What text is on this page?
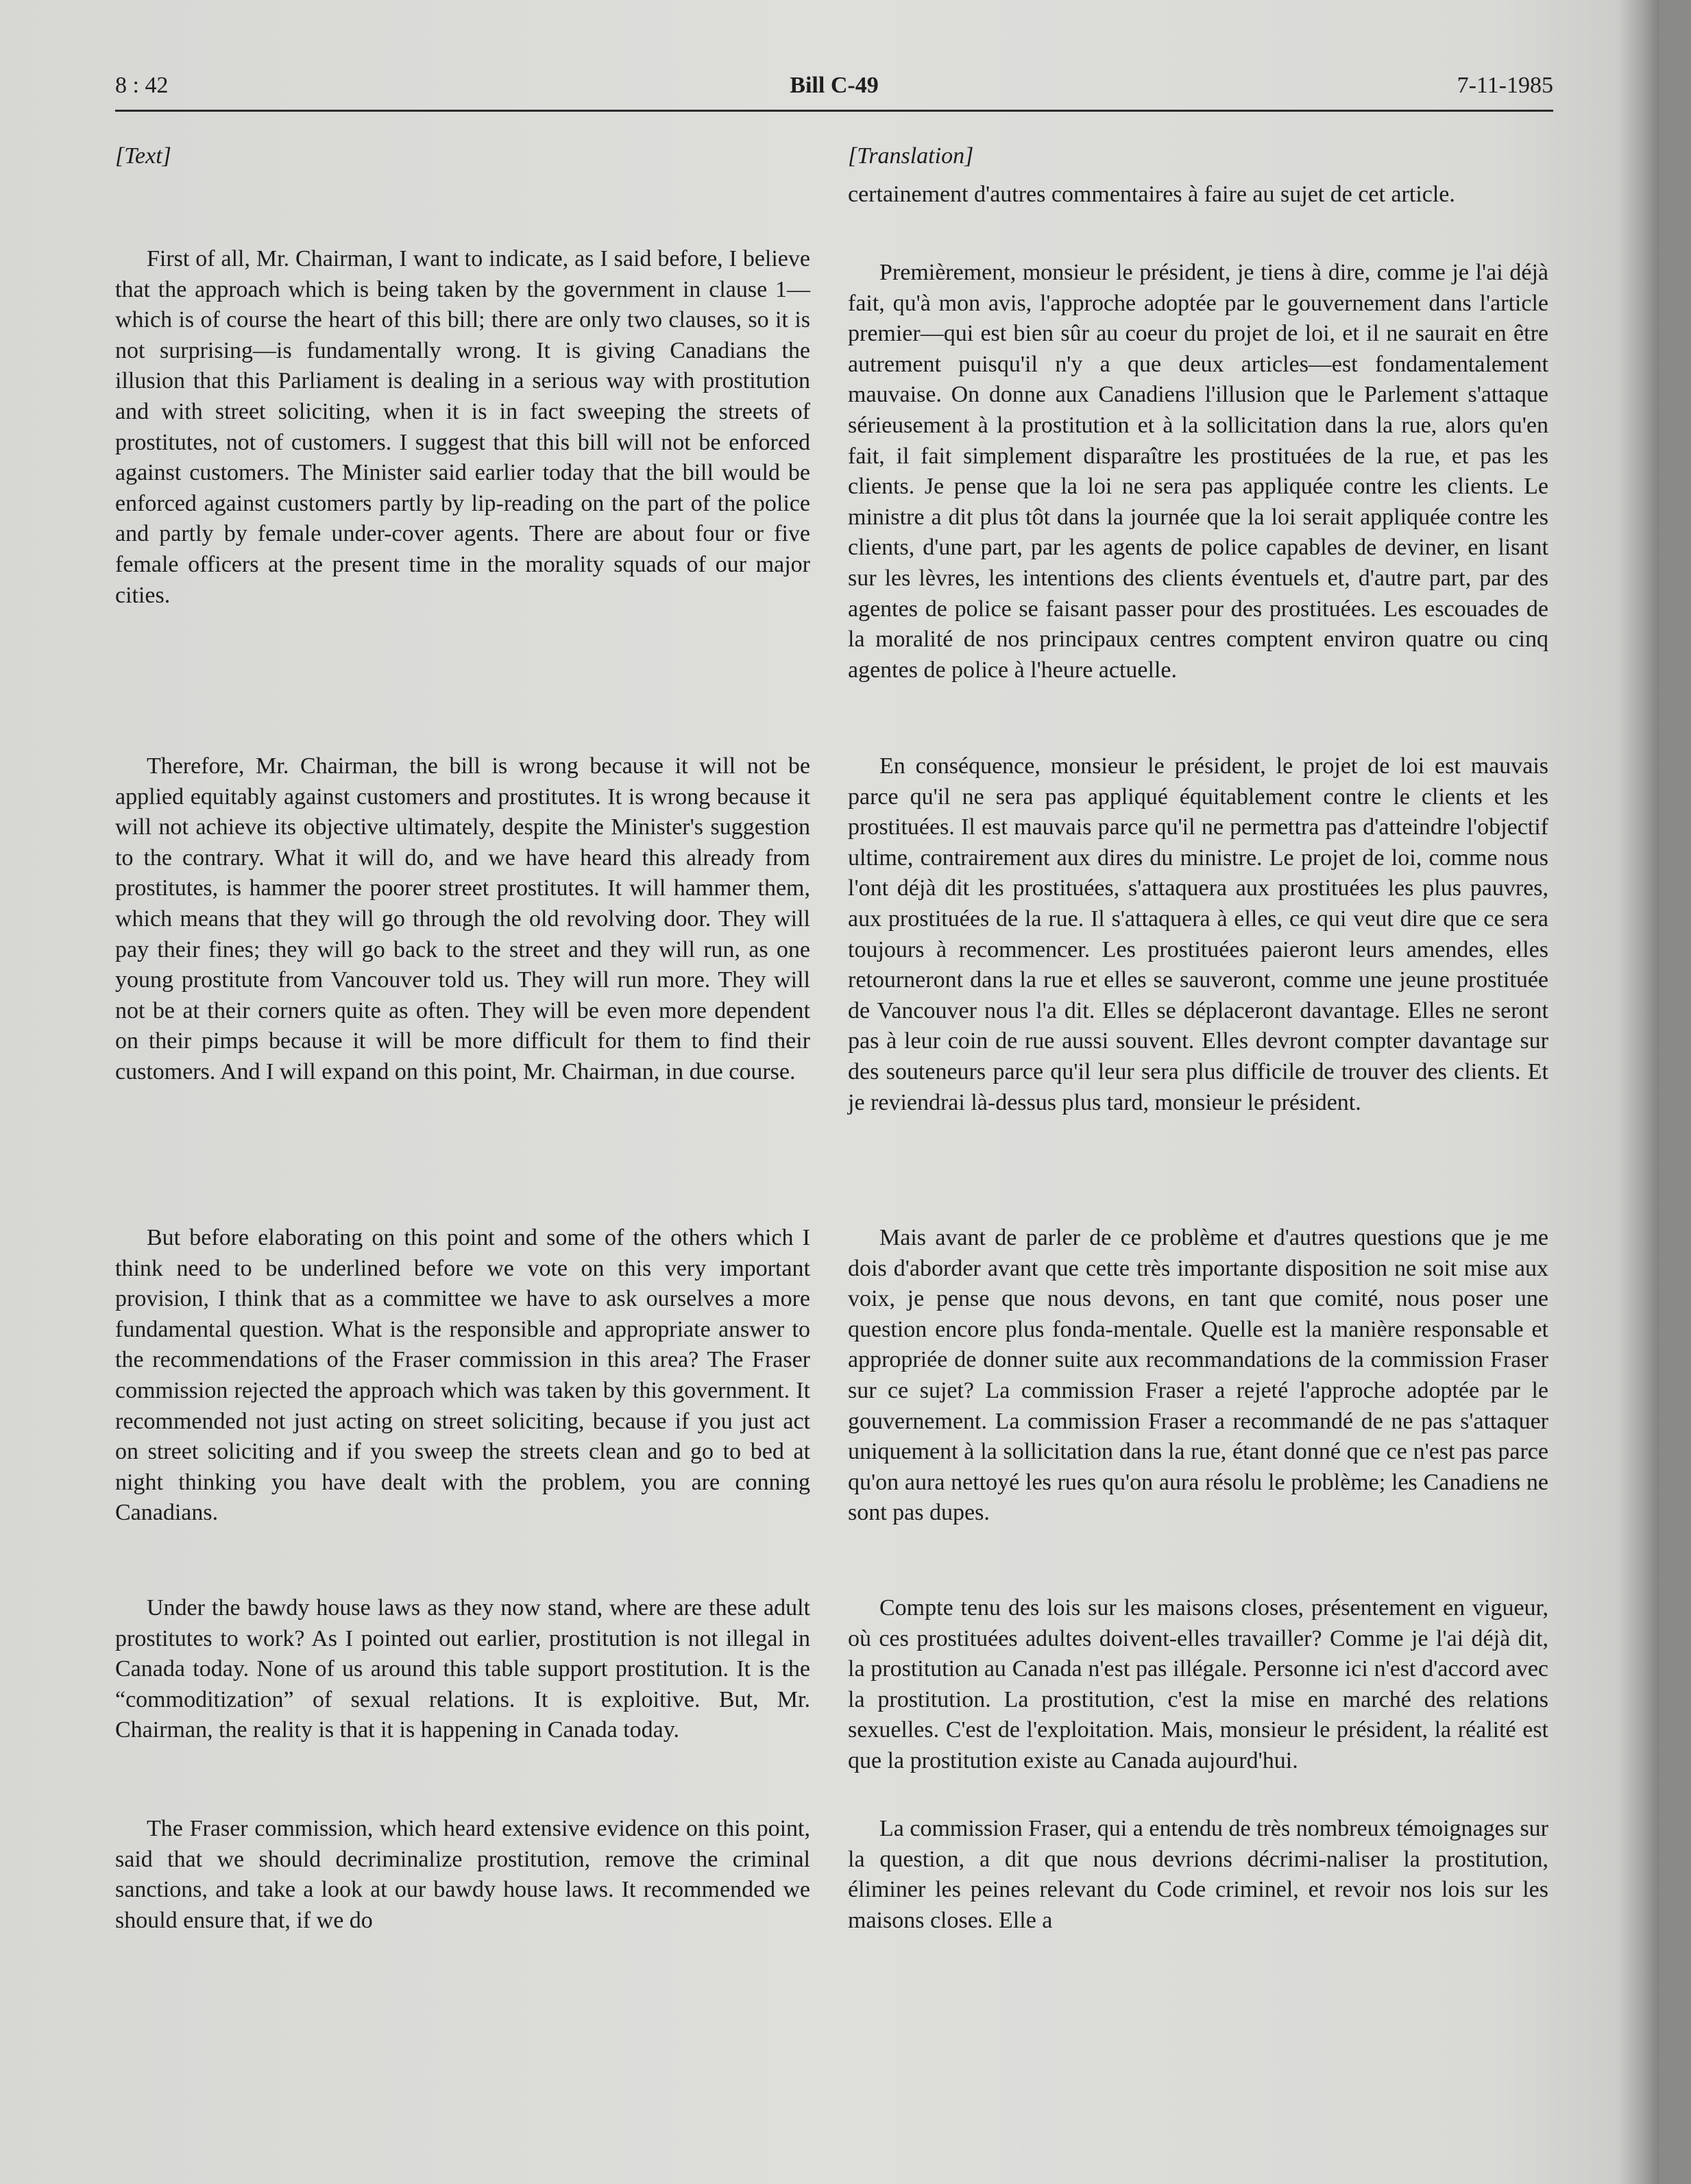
8 : 42	Bill C-49	7-11-1985
[Text]

First of all, Mr. Chairman, I want to indicate, as I said before, I believe that the approach which is being taken by the government in clause 1—which is of course the heart of this bill; there are only two clauses, so it is not surprising—is fundamentally wrong. It is giving Canadians the illusion that this Parliament is dealing in a serious way with prostitution and with street soliciting, when it is in fact sweeping the streets of prostitutes, not of customers. I suggest that this bill will not be enforced against customers. The Minister said earlier today that the bill would be enforced against customers partly by lip-reading on the part of the police and partly by female under-cover agents. There are about four or five female officers at the present time in the morality squads of our major cities.

Therefore, Mr. Chairman, the bill is wrong because it will not be applied equitably against customers and prostitutes. It is wrong because it will not achieve its objective ultimately, despite the Minister's suggestion to the contrary. What it will do, and we have heard this already from prostitutes, is hammer the poorer street prostitutes. It will hammer them, which means that they will go through the old revolving door. They will pay their fines; they will go back to the street and they will run, as one young prostitute from Vancouver told us. They will run more. They will not be at their corners quite as often. They will be even more dependent on their pimps because it will be more difficult for them to find their customers. And I will expand on this point, Mr. Chairman, in due course.

But before elaborating on this point and some of the others which I think need to be underlined before we vote on this very important provision, I think that as a committee we have to ask ourselves a more fundamental question. What is the responsible and appropriate answer to the recommendations of the Fraser commission in this area? The Fraser commission rejected the approach which was taken by this government. It recommended not just acting on street soliciting, because if you just act on street soliciting and if you sweep the streets clean and go to bed at night thinking you have dealt with the problem, you are conning Canadians.

Under the bawdy house laws as they now stand, where are these adult prostitutes to work? As I pointed out earlier, prostitution is not illegal in Canada today. None of us around this table support prostitution. It is the “commoditization” of sexual relations. It is exploitive. But, Mr. Chairman, the reality is that it is happening in Canada today.

The Fraser commission, which heard extensive evidence on this point, said that we should decriminalize prostitution, remove the criminal sanctions, and take a look at our bawdy house laws. It recommended we should ensure that, if we do

[Translation]

certainement d'autres commentaires à faire au sujet de cet article.

Premièrement, monsieur le président, je tiens à dire, comme je l'ai déjà fait, qu'à mon avis, l'approche adoptée par le gouvernement dans l'article premier—qui est bien sûr au coeur du projet de loi, et il ne saurait en être autrement puisqu'il n'y a que deux articles—est fondamentalement mauvaise. On donne aux Canadiens l'illusion que le Parlement s'attaque sérieusement à la prostitution et à la sollicitation dans la rue, alors qu'en fait, il fait simplement disparaître les prostituées de la rue, et pas les clients. Je pense que la loi ne sera pas appliquée contre les clients. Le ministre a dit plus tôt dans la journée que la loi serait appliquée contre les clients, d'une part, par les agents de police capables de deviner, en lisant sur les lèvres, les intentions des clients éventuels et, d'autre part, par des agentes de police se faisant passer pour des prostituées. Les escouades de la moralité de nos principaux centres comptent environ quatre ou cinq agentes de police à l'heure actuelle.

En conséquence, monsieur le président, le projet de loi est mauvais parce qu'il ne sera pas appliqué équitablement contre le clients et les prostituées. Il est mauvais parce qu'il ne permettra pas d'atteindre l'objectif ultime, contrairement aux dires du ministre. Le projet de loi, comme nous l'ont déjà dit les prostituées, s'attaquera aux prostituées les plus pauvres, aux prostituées de la rue. Il s'attaquera à elles, ce qui veut dire que ce sera toujours à recommencer. Les prostituées paieront leurs amendes, elles retourneront dans la rue et elles se sauveront, comme une jeune prostituée de Vancouver nous l'a dit. Elles se déplaceront davantage. Elles ne seront pas à leur coin de rue aussi souvent. Elles devront compter davantage sur des souteneurs parce qu'il leur sera plus difficile de trouver des clients. Et je reviendrai là-dessus plus tard, monsieur le président.

Mais avant de parler de ce problème et d'autres questions que je me dois d'aborder avant que cette très importante disposition ne soit mise aux voix, je pense que nous devons, en tant que comité, nous poser une question encore plus fonda-mentale. Quelle est la manière responsable et appropriée de donner suite aux recommandations de la commission Fraser sur ce sujet? La commission Fraser a rejeté l'approche adoptée par le gouvernement. La commission Fraser a recommandé de ne pas s'attaquer uniquement à la sollicitation dans la rue, étant donné que ce n'est pas parce qu'on aura nettoyé les rues qu'on aura résolu le problème; les Canadiens ne sont pas dupes.

Compte tenu des lois sur les maisons closes, présentement en vigueur, où ces prostituées adultes doivent-elles travailler? Comme je l'ai déjà dit, la prostitution au Canada n'est pas illégale. Personne ici n'est d'accord avec la prostitution. La prostitution, c'est la mise en marché des relations sexuelles. C'est de l'exploitation. Mais, monsieur le président, la réalité est que la prostitution existe au Canada aujourd'hui.

La commission Fraser, qui a entendu de très nombreux témoignages sur la question, a dit que nous devrions décrimi-naliser la prostitution, éliminer les peines relevant du Code criminel, et revoir nos lois sur les maisons closes. Elle a
